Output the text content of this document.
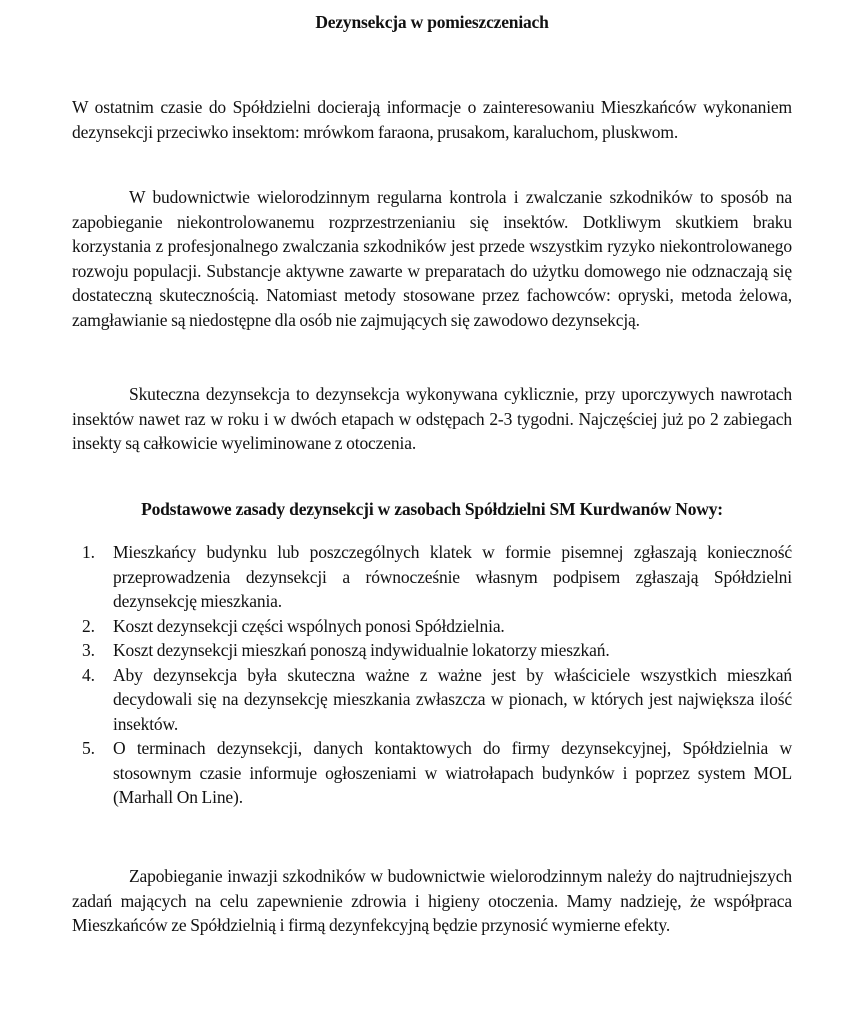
Dezynsekcja w pomieszczeniach

W ostatnim czasie do Spółdzielni docierają informacje o zainteresowaniu Mieszkańców wykonaniem dezynsekcji przeciwko insektom: mrówkom faraona, prusakom, karaluchom, pluskwom.

W budownictwie wielorodzinnym regularna kontrola i zwalczanie szkodników to sposób na zapobieganie niekontrolowanemu rozprzestrzenianiu się insektów. Dotkliwym skutkiem braku korzystania z profesjonalnego zwalczania szkodników jest przede wszystkim ryzyko niekontrolowanego rozwoju populacji. Substancje aktywne zawarte w preparatach do użytku domowego nie odznaczają się dostateczną skutecznością. Natomiast metody stosowane przez fachowców: opryski, metoda żelowa, zamgławianie są niedostępne dla osób nie zajmujących się zawodowo dezynsekcją.

Skuteczna dezynsekcja to dezynsekcja wykonywana cyklicznie, przy uporczywych nawrotach insektów nawet raz w roku i w dwóch etapach w odstępach 2-3 tygodni. Najczęściej już po 2 zabiegach insekty są całkowicie wyeliminowane z otoczenia.

Podstawowe zasady dezynsekcji w zasobach Spółdzielni SM Kurdwanów Nowy:
1.	Mieszkańcy budynku lub poszczególnych klatek w formie pisemnej zgłaszają konieczność przeprowadzenia dezynsekcji a równocześnie własnym podpisem zgłaszają Spółdzielni dezynsekcję mieszkania.
2.	Koszt dezynsekcji części wspólnych ponosi Spółdzielnia.
3.	Koszt dezynsekcji mieszkań ponoszą indywidualnie lokatorzy mieszkań.
4.	Aby dezynsekcja była skuteczna ważne z ważne jest by właściciele wszystkich mieszkań decydowali się na dezynsekcję mieszkania zwłaszcza w pionach, w których jest największa ilość insektów.
5.	O terminach dezynsekcji, danych kontaktowych do firmy dezynsekcyjnej, Spółdzielnia w stosownym czasie informuje ogłoszeniami w wiatrołapach budynków i poprzez system MOL (Marhall On Line).

Zapobieganie inwazji szkodników w budownictwie wielorodzinnym należy do najtrudniejszych zadań mających na celu zapewnienie zdrowia i higieny otoczenia. Mamy nadzieję, że współpraca Mieszkańców ze Spółdzielnią i firmą dezynfekcyjną będzie przynosić wymierne efekty.
